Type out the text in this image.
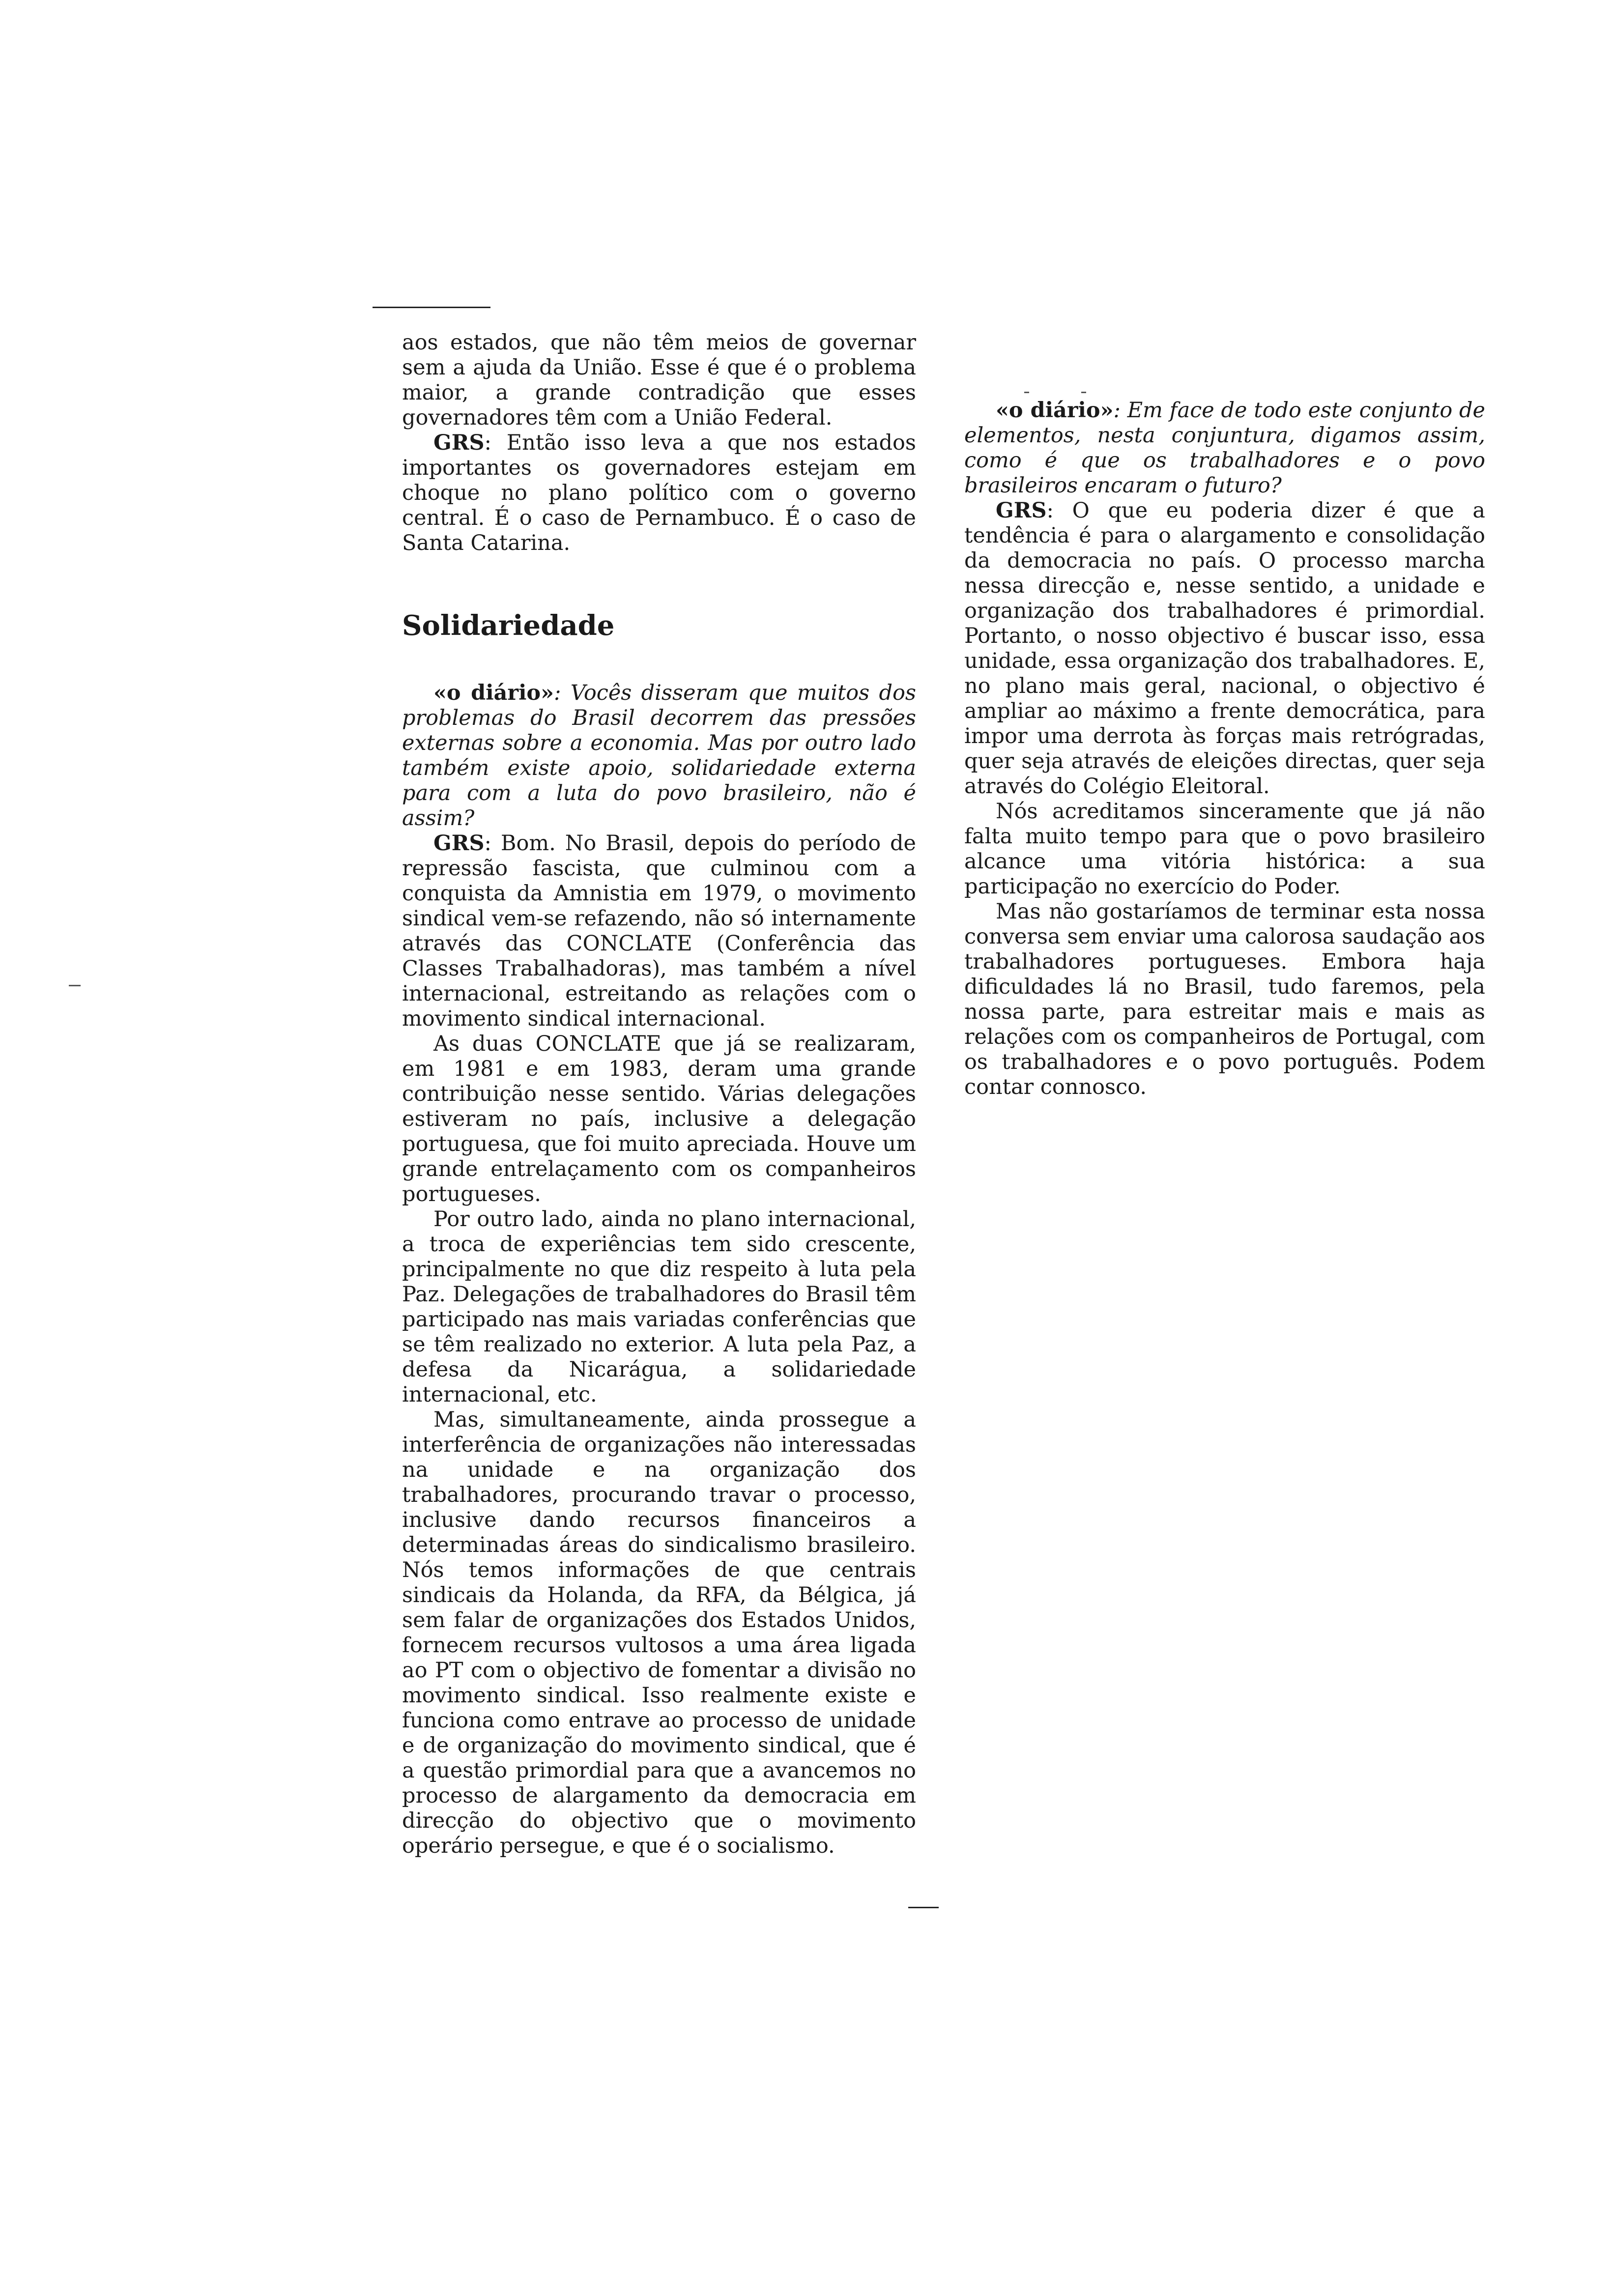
aos estados, que não têm meios de governar sem a ajuda da União. Esse é que é o problema maior, a grande contradição que esses governadores têm com a União Federal.

GRS: Então isso leva a que nos estados importantes os governadores estejam em choque no plano político com o governo central. É o caso de Pernambuco. É o caso de Santa Catarina.

Solidariedade

«o diário»: Vocês disseram que muitos dos problemas do Brasil decorrem das pressões externas sobre a economia. Mas por outro lado também existe apoio, solidariedade externa para com a luta do povo brasileiro, não é assim?

GRS: Bom. No Brasil, depois do período de repressão fascista, que culminou com a conquista da Amnistia em 1979, o movimento sindical vem-se refazendo, não só internamente através das CONCLATE (Conferência das Classes Trabalhadoras), mas também a nível internacional, estreitando as relações com o movimento sindical internacional.

As duas CONCLATE que já se realizaram, em 1981 e em 1983, deram uma grande contribuição nesse sentido. Várias delegações estiveram no país, inclusive a delegação portuguesa, que foi muito apreciada. Houve um grande entrelaçamento com os companheiros portugueses.

Por outro lado, ainda no plano internacional, a troca de experiências tem sido crescente, principalmente no que diz respeito à luta pela Paz. Delegações de trabalhadores do Brasil têm participado nas mais variadas conferências que se têm realizado no exterior. A luta pela Paz, a defesa da Nicarágua, a solidariedade internacional, etc.

Mas, simultaneamente, ainda prossegue a interferência de organizações não interessadas na unidade e na organização dos trabalhadores, procurando travar o processo, inclusive dando recursos financeiros a determinadas áreas do sindicalismo brasileiro. Nós temos informações de que centrais sindicais da Holanda, da RFA, da Bélgica, já sem falar de organizações dos Estados Unidos, fornecem recursos vultosos a uma área ligada ao PT com o objectivo de fomentar a divisão no movimento sindical. Isso realmente existe e funciona como entrave ao processo de unidade e de organização do movimento sindical, que é a questão primordial para que a avancemos no processo de alargamento da democracia em direcção do objectivo que o movimento operário persegue, e que é o socialismo.

«o diário»: Em face de todo este conjunto de elementos, nesta conjuntura, digamos assim, como é que os trabalhadores e o povo brasileiros encaram o futuro?

GRS: O que eu poderia dizer é que a tendência é para o alargamento e consolidação da democracia no país. O processo marcha nessa direcção e, nesse sentido, a unidade e organização dos trabalhadores é primordial. Portanto, o nosso objectivo é buscar isso, essa unidade, essa organização dos trabalhadores. E, no plano mais geral, nacional, o objectivo é ampliar ao máximo a frente democrática, para impor uma derrota às forças mais retrógradas, quer seja através de eleições directas, quer seja através do Colégio Eleitoral.

Nós acreditamos sinceramente que já não falta muito tempo para que o povo brasileiro alcance uma vitória histórica: a sua participação no exercício do Poder.

Mas não gostaríamos de terminar esta nossa conversa sem enviar uma calorosa saudação aos trabalhadores portugueses. Embora haja dificuldades lá no Brasil, tudo faremos, pela nossa parte, para estreitar mais e mais as relações com os companheiros de Portugal, com os trabalhadores e o povo português. Podem contar connosco.
